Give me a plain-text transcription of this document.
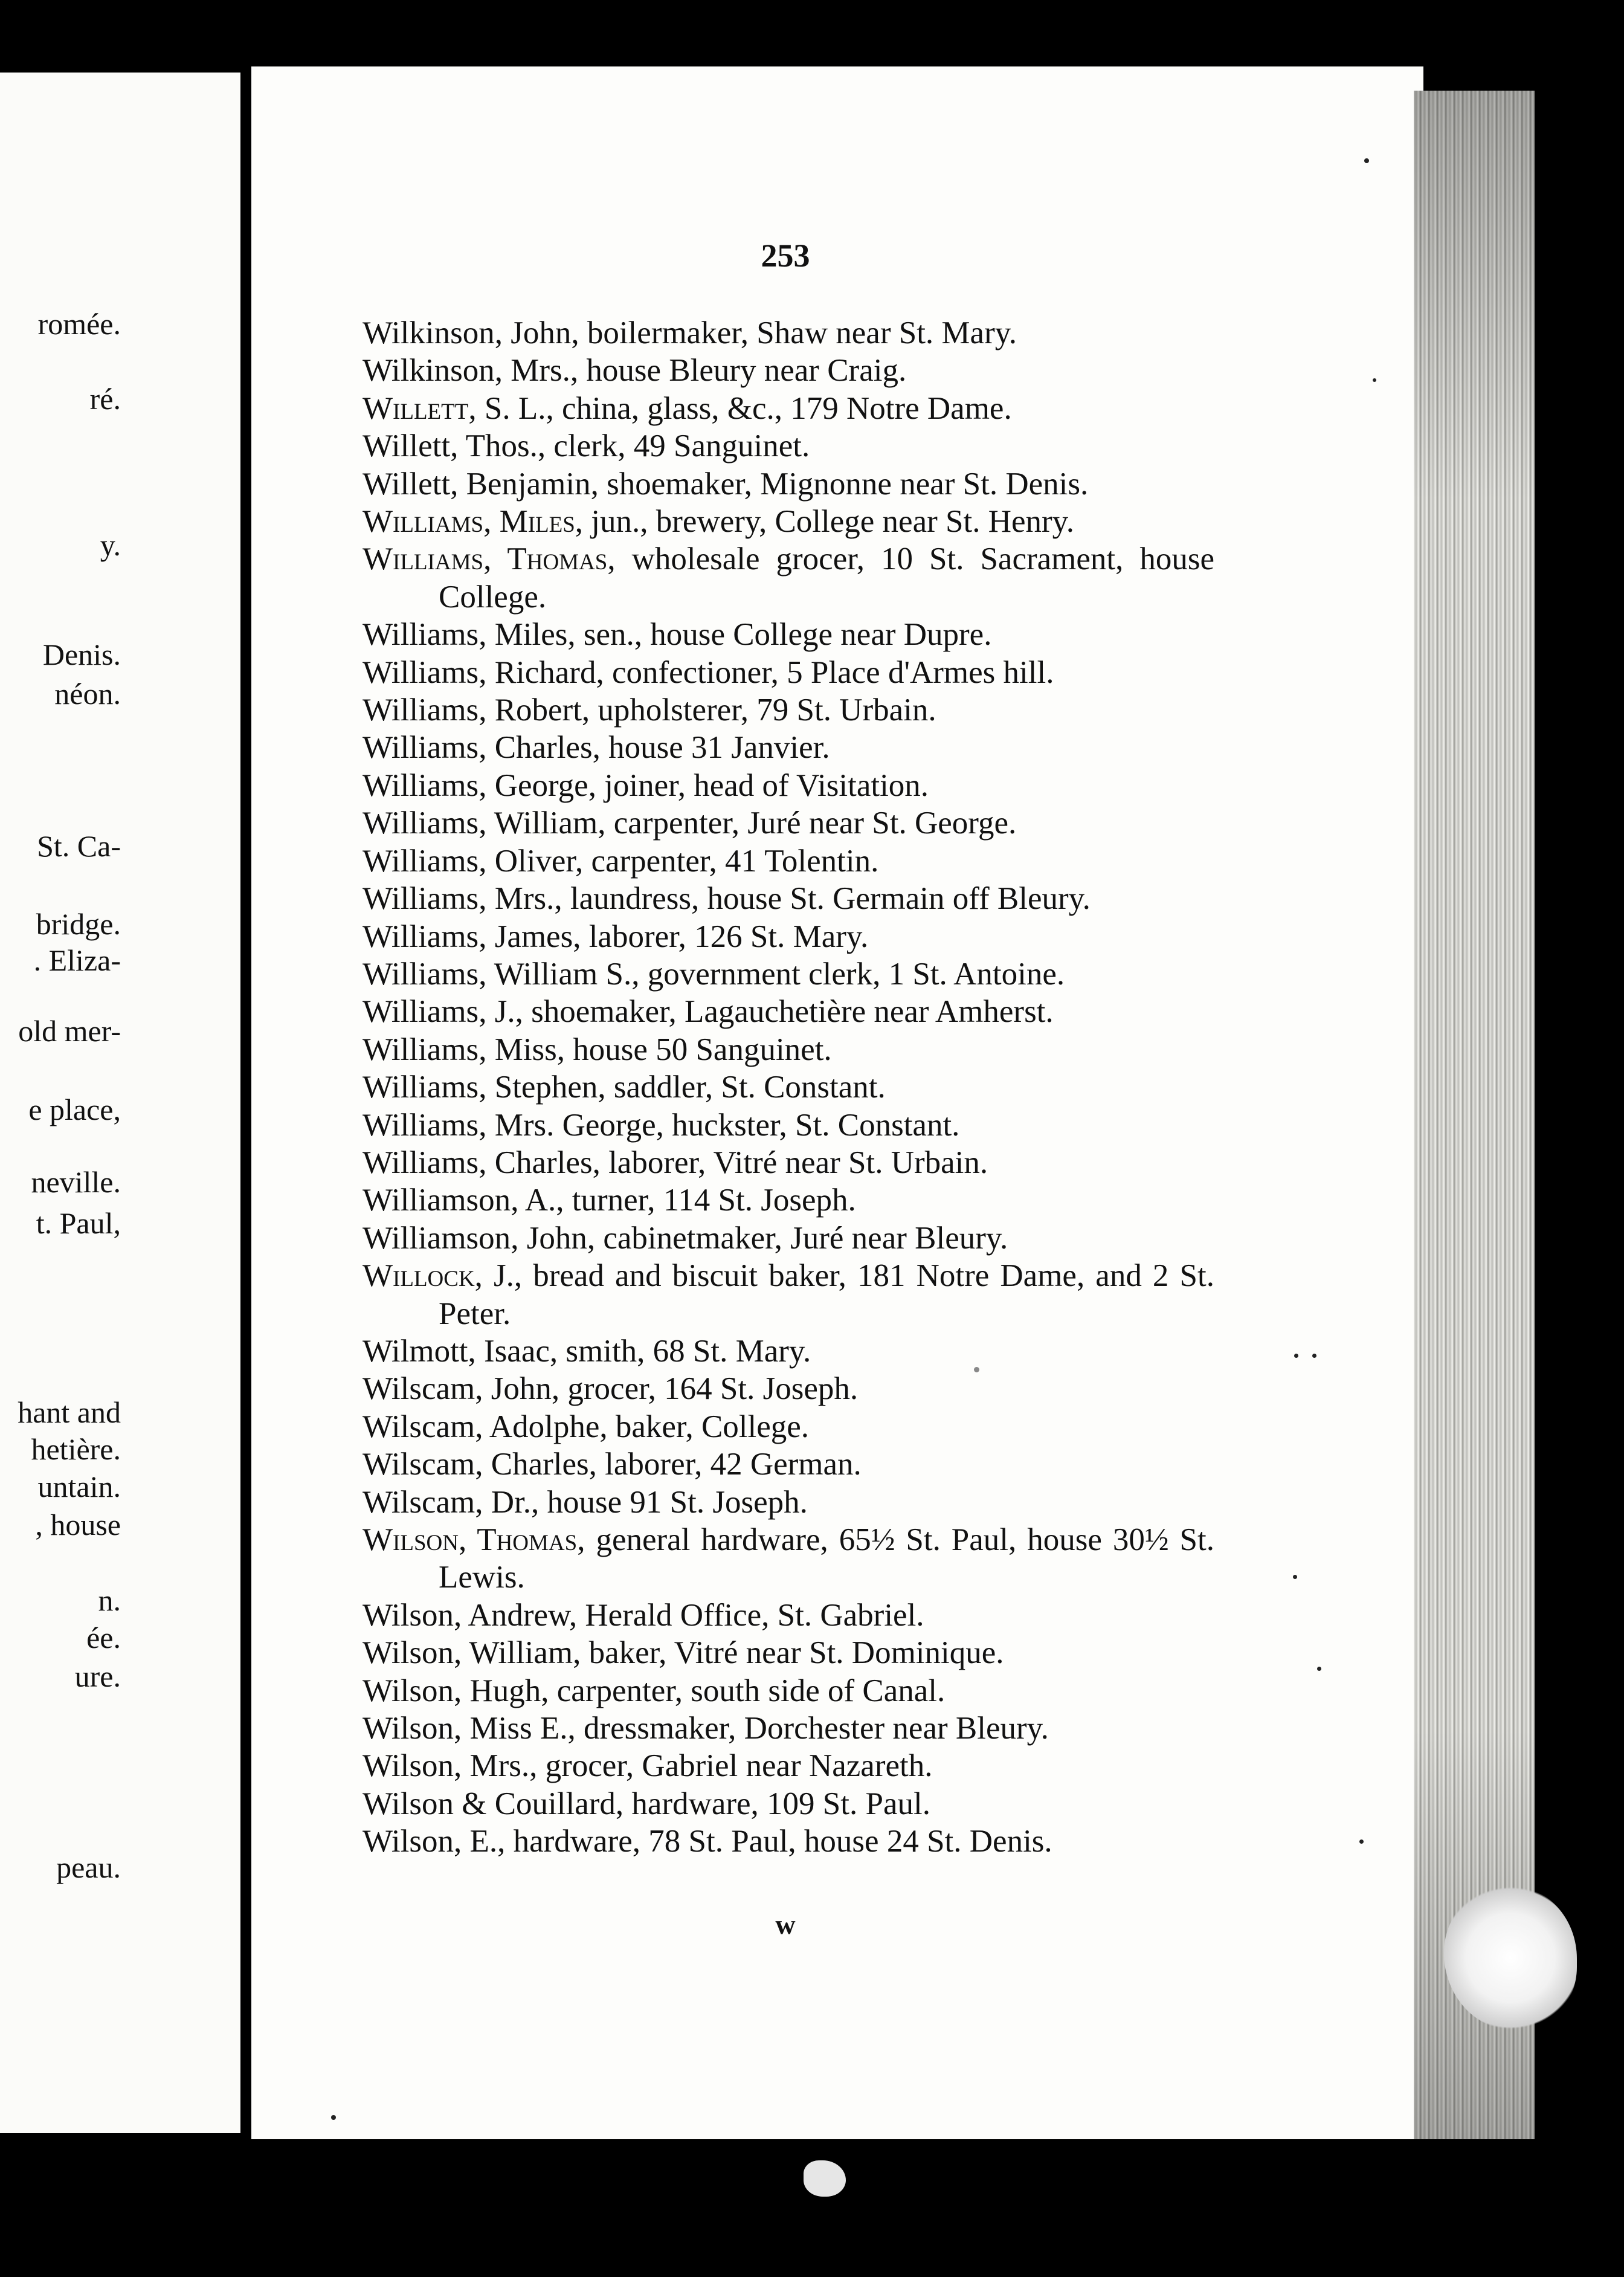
romée.
ré.
y.
Denis.
néon.
St. Ca-
bridge.
. Eliza-
old mer-
e place,
neville.
t. Paul,
hant and
hetière.
untain.
, house
n.
ée.
ure.
peau.
253
Wilkinson, John, boilermaker, Shaw near St. Mary.
Wilkinson, Mrs., house Bleury near Craig.
Willett, S. L., china, glass, &c., 179 Notre Dame.
Willett, Thos., clerk, 49 Sanguinet.
Willett, Benjamin, shoemaker, Mignonne near St. Denis.
Williams, Miles, jun., brewery, College near St. Henry.
Williams, Thomas, wholesale grocer, 10 St. Sacrament, house College.
Williams, Miles, sen., house College near Dupre.
Williams, Richard, confectioner, 5 Place d'Armes hill.
Williams, Robert, upholsterer, 79 St. Urbain.
Williams, Charles, house 31 Janvier.
Williams, George, joiner, head of Visitation.
Williams, William, carpenter, Juré near St. George.
Williams, Oliver, carpenter, 41 Tolentin.
Williams, Mrs., laundress, house St. Germain off Bleury.
Williams, James, laborer, 126 St. Mary.
Williams, William S., government clerk, 1 St. Antoine.
Williams, J., shoemaker, Lagauchetière near Amherst.
Williams, Miss, house 50 Sanguinet.
Williams, Stephen, saddler, St. Constant.
Williams, Mrs. George, huckster, St. Constant.
Williams, Charles, laborer, Vitré near St. Urbain.
Williamson, A., turner, 114 St. Joseph.
Williamson, John, cabinetmaker, Juré near Bleury.
Willock, J., bread and biscuit baker, 181 Notre Dame, and 2 St. Peter.
Wilmott, Isaac, smith, 68 St. Mary.
Wilscam, John, grocer, 164 St. Joseph.
Wilscam, Adolphe, baker, College.
Wilscam, Charles, laborer, 42 German.
Wilscam, Dr., house 91 St. Joseph.
Wilson, Thomas, general hardware, 65½ St. Paul, house 30½ St. Lewis.
Wilson, Andrew, Herald Office, St. Gabriel.
Wilson, William, baker, Vitré near St. Dominique.
Wilson, Hugh, carpenter, south side of Canal.
Wilson, Miss E., dressmaker, Dorchester near Bleury.
Wilson, Mrs., grocer, Gabriel near Nazareth.
Wilson & Couillard, hardware, 109 St. Paul.
Wilson, E., hardware, 78 St. Paul, house 24 St. Denis.
w
